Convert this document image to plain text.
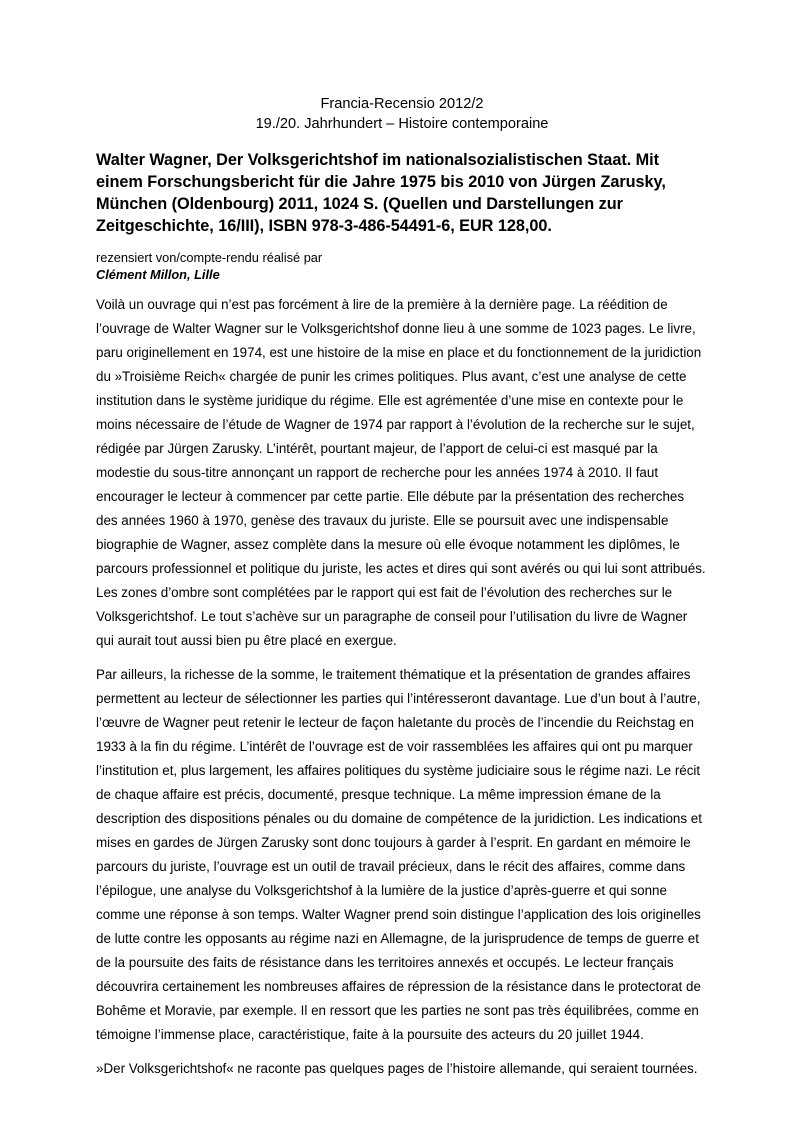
Francia-Recensio 2012/2
19./20. Jahrhundert – Histoire contemporaine
Walter Wagner, Der Volksgerichtshof im nationalsozialistischen Staat. Mit einem Forschungsbericht für die Jahre 1975 bis 2010 von Jürgen Zarusky, München (Oldenbourg) 2011, 1024 S. (Quellen und Darstellungen zur Zeitgeschichte, 16/III), ISBN 978-3-486-54491-6, EUR 128,00.
rezensiert von/compte-rendu réalisé par
Clément Millon, Lille

Voilà un ouvrage qui n’est pas forcément à lire de la première à la dernière page. La réédition de l’ouvrage de Walter Wagner sur le Volksgerichtshof donne lieu à une somme de 1023 pages. Le livre, paru originellement en 1974, est une histoire de la mise en place et du fonctionnement de la juridiction du »Troisième Reich« chargée de punir les crimes politiques. Plus avant, c’est une analyse de cette institution dans le système juridique du régime. Elle est agrémentée d’une mise en contexte pour le moins nécessaire de l’étude de Wagner de 1974 par rapport à l’évolution de la recherche sur le sujet, rédigée par Jürgen Zarusky. L’intérêt, pourtant majeur, de l’apport de celui-ci est masqué par la modestie du sous-titre annonçant un rapport de recherche pour les années 1974 à 2010. Il faut encourager le lecteur à commencer par cette partie. Elle débute par la présentation des recherches des années 1960 à 1970, genèse des travaux du juriste. Elle se poursuit avec une indispensable biographie de Wagner, assez complète dans la mesure où elle évoque notamment les diplômes, le parcours professionnel et politique du juriste, les actes et dires qui sont avérés ou qui lui sont attribués. Les zones d’ombre sont complétées par le rapport qui est fait de l’évolution des recherches sur le Volksgerichtshof. Le tout s’achève sur un paragraphe de conseil pour l’utilisation du livre de Wagner qui aurait tout aussi bien pu être placé en exergue.

Par ailleurs, la richesse de la somme, le traitement thématique et la présentation de grandes affaires permettent au lecteur de sélectionner les parties qui l’intéresseront davantage. Lue d’un bout à l’autre, l’œuvre de Wagner peut retenir le lecteur de façon haletante du procès de l’incendie du Reichstag en 1933 à la fin du régime. L’intérêt de l’ouvrage est de voir rassemblées les affaires qui ont pu marquer l’institution et, plus largement, les affaires politiques du système judiciaire sous le régime nazi. Le récit de chaque affaire est précis, documenté, presque technique. La même impression émane de la description des dispositions pénales ou du domaine de compétence de la juridiction. Les indications et mises en gardes de Jürgen Zarusky sont donc toujours à garder à l’esprit. En gardant en mémoire le parcours du juriste, l’ouvrage est un outil de travail précieux, dans le récit des affaires, comme dans l’épilogue, une analyse du Volksgerichtshof à la lumière de la justice d’après-guerre et qui sonne comme une réponse à son temps. Walter Wagner prend soin distingue l’application des lois originelles de lutte contre les opposants au régime nazi en Allemagne, de la jurisprudence de temps de guerre et de la poursuite des faits de résistance dans les territoires annexés et occupés. Le lecteur français découvrira certainement les nombreuses affaires de répression de la résistance dans le protectorat de Bohême et Moravie, par exemple. Il en ressort que les parties ne sont pas très équilibrées, comme en témoigne l’immense place, caractéristique, faite à la poursuite des acteurs du 20 juillet 1944.

»Der Volksgerichtshof« ne raconte pas quelques pages de l’histoire allemande, qui seraient tournées.
